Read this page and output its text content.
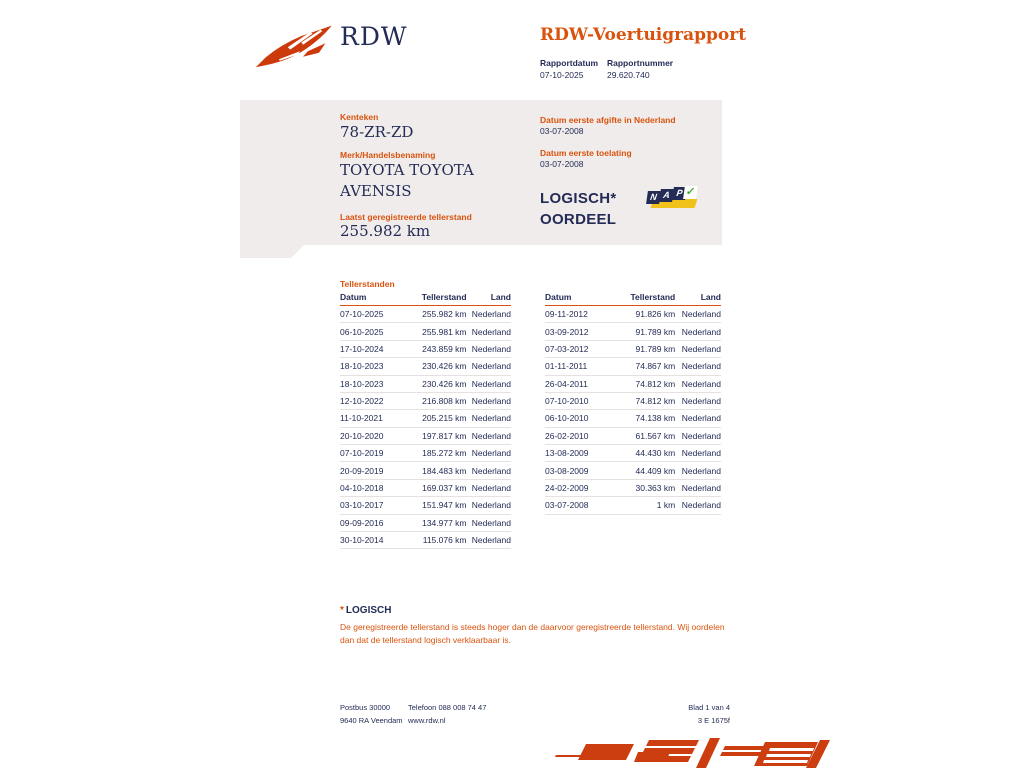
RDW	RDW-Voertuigrapport
Rapportdatum
07-10-2025
Rapportnummer
29.620.740
Kenteken
78-ZR-ZD
Merk/Handelsbenaming
TOYOTA TOYOTA
AVENSIS
Laatst geregistreerde tellerstand
255.982 km
Datum eerste afgifte in Nederland
03-07-2008
Datum eerste toelating
03-07-2008
LOGISCH*
OORDEEL
N A P ✓
Tellerstanden
Datum	Tellerstand	Land
07-10-2025	255.982 km	Nederland
06-10-2025	255.981 km	Nederland
17-10-2024	243.859 km	Nederland
18-10-2023	230.426 km	Nederland
18-10-2023	230.426 km	Nederland
12-10-2022	216.808 km	Nederland
11-10-2021	205.215 km	Nederland
20-10-2020	197.817 km	Nederland
07-10-2019	185.272 km	Nederland
20-09-2019	184.483 km	Nederland
04-10-2018	169.037 km	Nederland
03-10-2017	151.947 km	Nederland
09-09-2016	134.977 km	Nederland
30-10-2014	115.076 km	Nederland
Datum	Tellerstand	Land
09-11-2012	91.826 km	Nederland
03-09-2012	91.789 km	Nederland
07-03-2012	91.789 km	Nederland
01-11-2011	74.867 km	Nederland
26-04-2011	74.812 km	Nederland
07-10-2010	74.812 km	Nederland
06-10-2010	74.138 km	Nederland
26-02-2010	61.567 km	Nederland
13-08-2009	44.430 km	Nederland
03-08-2009	44.409 km	Nederland
24-02-2009	30.363 km	Nederland
03-07-2008	1 km	Nederland
* LOGISCH

De geregistreerde tellerstand is steeds hoger dan de daarvoor geregistreerde tellerstand. Wij oordelen dan dat de tellerstand logisch verklaarbaar is.

Postbus 30000
9640 RA Veendam
Telefoon 088 008 74 47
www.rdw.nl
Blad 1 van 4
3 E 1675f
